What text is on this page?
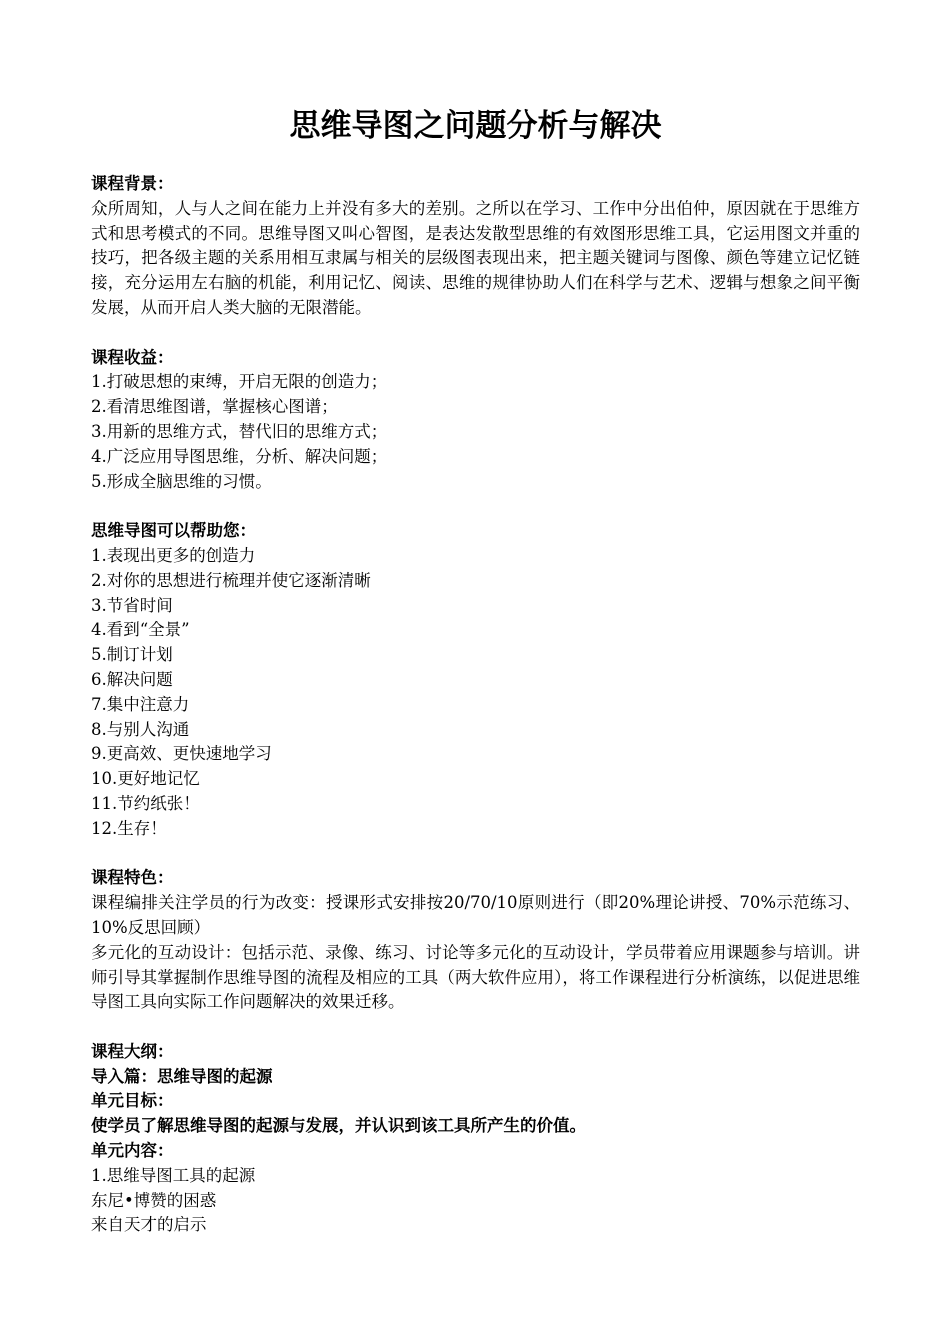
思维导图之问题分析与解决

课程背景：

众所周知，人与人之间在能力上并没有多大的差别。之所以在学习、工作中分出伯仲，原因就在于思维方式和思考模式的不同。思维导图又叫心智图，是表达发散型思维的有效图形思维工具，它运用图文并重的技巧，把各级主题的关系用相互隶属与相关的层级图表现出来，把主题关键词与图像、颜色等建立记忆链接，充分运用左右脑的机能，利用记忆、阅读、思维的规律协助人们在科学与艺术、逻辑与想象之间平衡发展，从而开启人类大脑的无限潜能。

课程收益：

1.打破思想的束缚，开启无限的创造力；

2.看清思维图谱，掌握核心图谱；

3.用新的思维方式，替代旧的思维方式；

4.广泛应用导图思维，分析、解决问题；

5.形成全脑思维的习惯。

思维导图可以帮助您：

1.表现出更多的创造力

2.对你的思想进行梳理并使它逐渐清晰

3.节省时间

4.看到“全景”

5.制订计划

6.解决问题

7.集中注意力

8.与别人沟通

9.更高效、更快速地学习

10.更好地记忆

11.节约纸张！

12.生存！

课程特色：

课程编排关注学员的行为改变：授课形式安排按20/70/10原则进行（即20%理论讲授、70%示范练习、10%反思回顾）

多元化的互动设计：包括示范、录像、练习、讨论等多元化的互动设计，学员带着应用课题参与培训。讲师引导其掌握制作思维导图的流程及相应的工具（两大软件应用），将工作课程进行分析演练，以促进思维导图工具向实际工作问题解决的效果迁移。

课程大纲：

导入篇：思维导图的起源

单元目标：

使学员了解思维导图的起源与发展，并认识到该工具所产生的价值。

单元内容：

1.思维导图工具的起源

东尼•博赞的困惑

来自天才的启示
